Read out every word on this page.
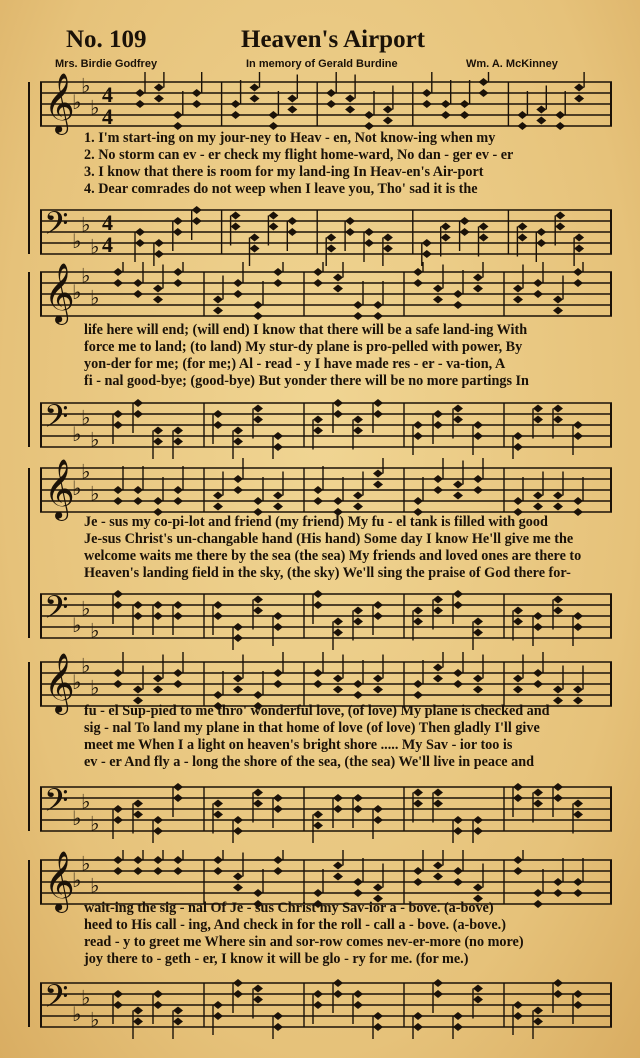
No. 109	Heaven's Airport
Mrs. Birdie Godfrey	In memory of Gerald Burdine	Wm. A. McKinney
𝄞
♭
♭
♭
4
4
𝄢 ♭
♭
♭
4
4
1. I'm start-ing on my jour-ney to Heav - en, Not know-ing when my
2. No storm can ev - er check my flight home-ward, No dan - ger ev - er
3. I know that there is room for my land-ing In Heav-en's Air-port
4. Dear comrades do not weep when I leave you, Tho' sad it is the
𝄞
♭
♭
♭
𝄢 ♭
♭
♭
life here will end; (will end) I know that there will be a safe land-ing With
force me to land; (to land) My stur-dy plane is pro-pelled with power, By
yon-der for me; (for me;) Al - read - y I have made res - er - va-tion, A
fi - nal good-bye; (good-bye) But yonder there will be no more partings In
𝄞
♭
♭
♭
𝄢 ♭
♭
♭
Je - sus my co-pi-lot and friend (my friend) My fu - el tank is filled with good
Je-sus Christ's un-changable hand (His hand) Some day I know He'll give me the
welcome waits me there by the sea (the sea) My friends and loved ones are there to
Heaven's landing field in the sky, (the sky) We'll sing the praise of God there for-
𝄞
♭
♭
♭
𝄢 ♭
♭
♭
fu - el Sup-pied to me thro' wonderful love, (of love) My plane is checked and
sig - nal To land my plane in that home of love (of love) Then gladly I'll give
meet me When I a light on heaven's bright shore ..... My Sav - ior too is
ev - er And fly a - long the shore of the sea, (the sea) We'll live in peace and
𝄞
♭
♭
♭
𝄢 ♭
♭
♭
wait-ing the sig - nal Of Je - sus Christ my Sav-ior a - bove. (a-bove)
heed to His call - ing, And check in for the roll - call a - bove. (a-bove.)
read - y to greet me Where sin and sor-row comes nev-er-more (no more)
joy there to - geth - er, I know it will be glo - ry for me. (for me.)
